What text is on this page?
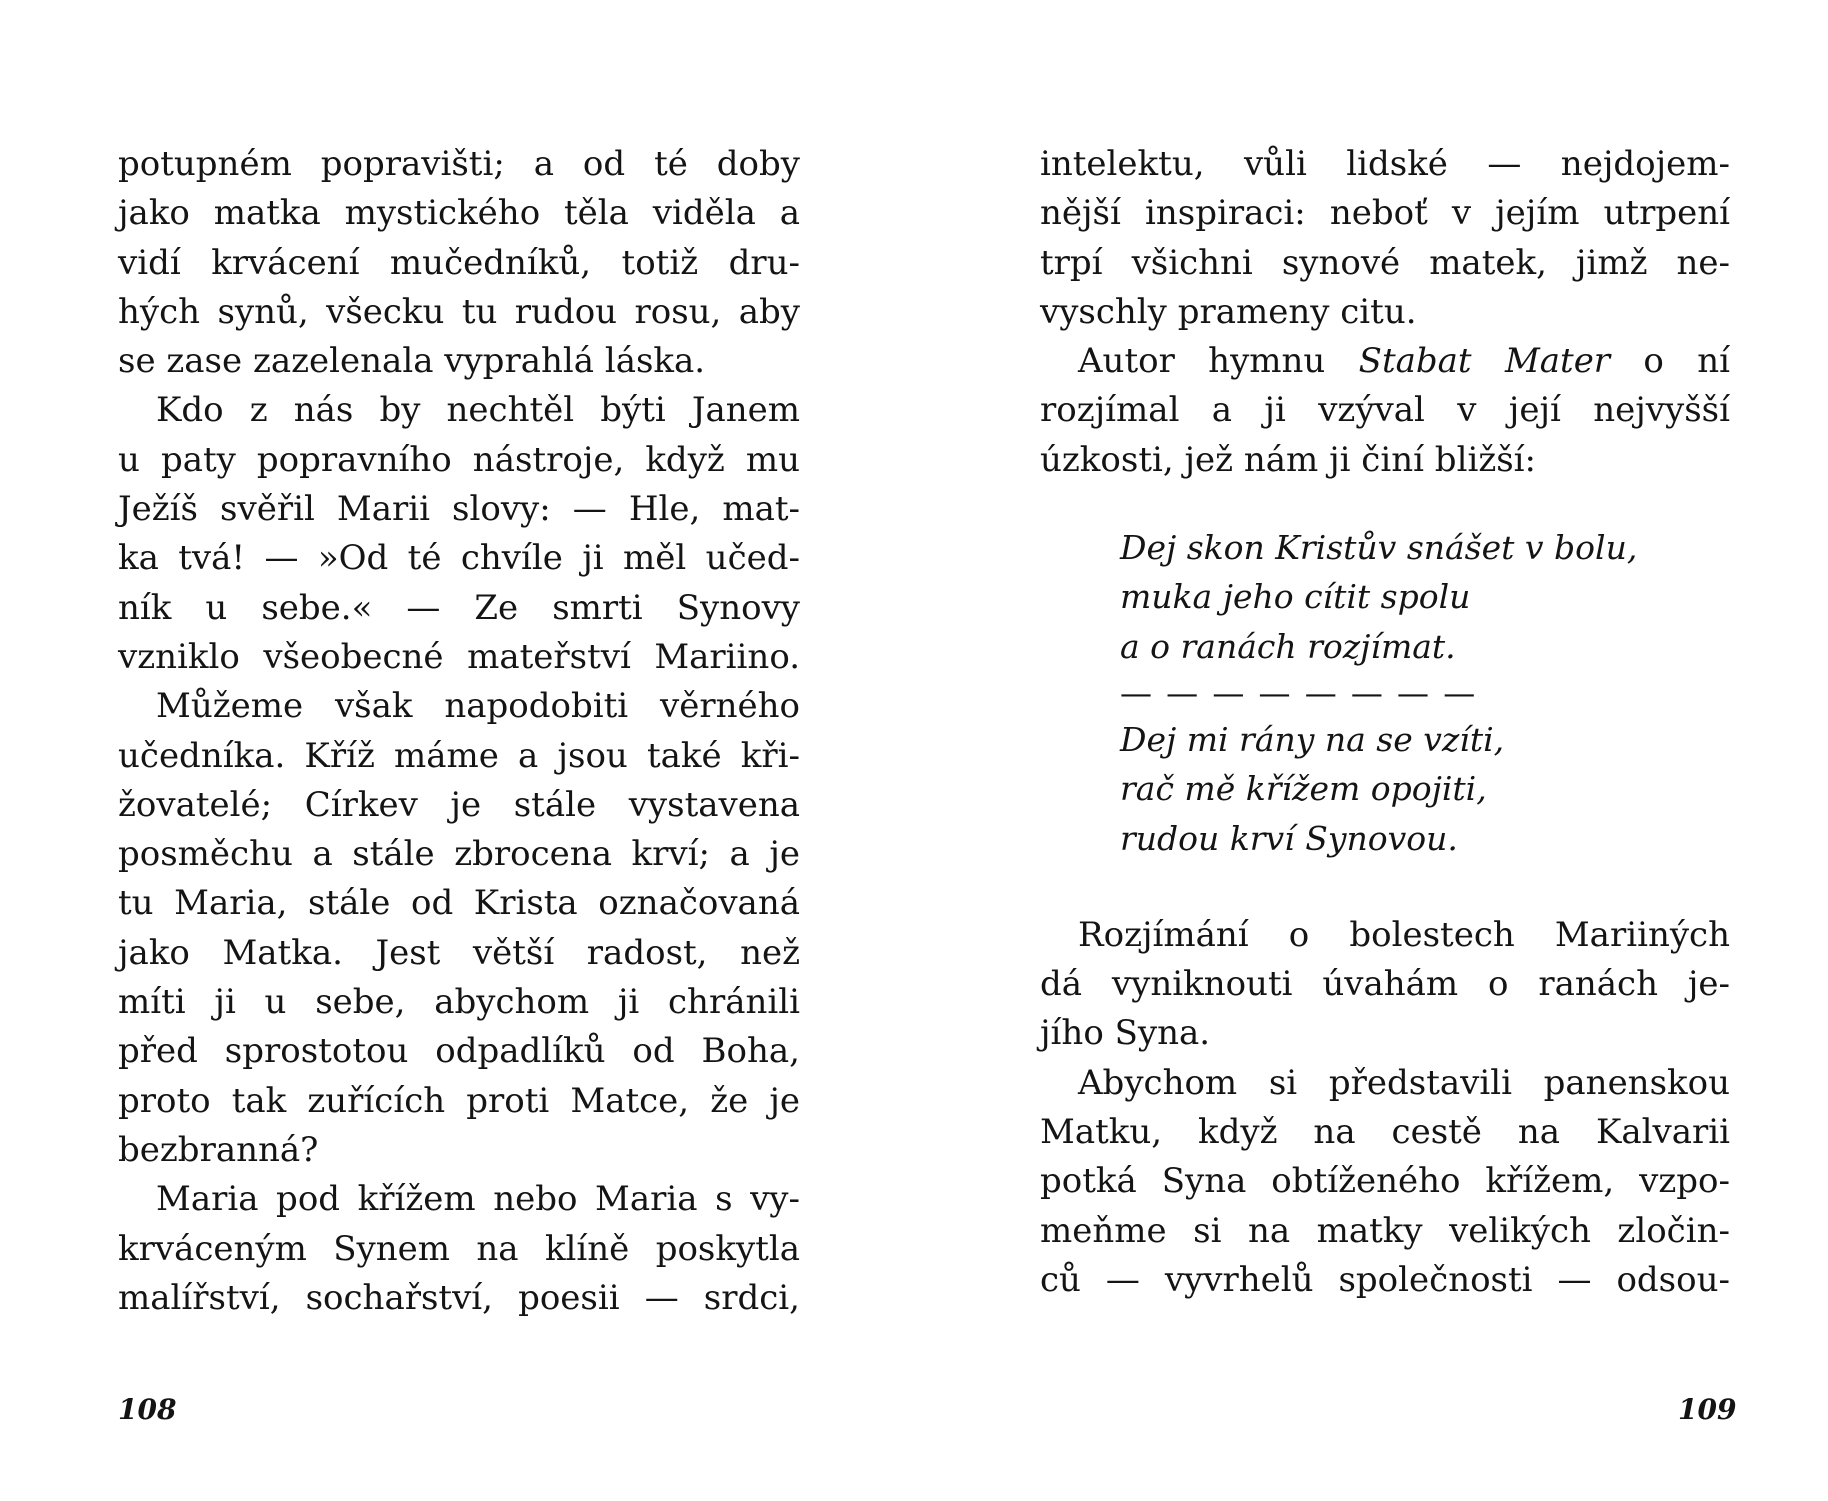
potupném popravišti; a od té doby
jako matka mystického těla viděla a
vidí krvácení mučedníků, totiž dru-
hých synů, všecku tu rudou rosu, aby
se zase zazelenala vyprahlá láska.
Kdo z nás by nechtěl býti Janem
u paty popravního nástroje, když mu
Ježíš svěřil Marii slovy: — Hle, mat-
ka tvá! — »Od té chvíle ji měl učed-
ník u sebe.« — Ze smrti Synovy
vzniklo všeobecné mateřství Mariino.
Můžeme však napodobiti věrného
učedníka. Kříž máme a jsou také kři-
žovatelé; Církev je stále vystavena
posměchu a stále zbrocena krví; a je
tu Maria, stále od Krista označovaná
jako Matka. Jest větší radost, než
míti ji u sebe, abychom ji chránili
před sprostotou odpadlíků od Boha,
proto tak zuřících proti Matce, že je
bezbranná?
Maria pod křížem nebo Maria s vy-
krváceným Synem na klíně poskytla
malířství, sochařství, poesii — srdci,
intelektu, vůli lidské — nejdojem-
nější inspiraci: neboť v jejím utrpení
trpí všichni synové matek, jimž ne-
vyschly prameny citu.
Autor hymnu Stabat Mater o ní
rozjímal a ji vzýval v její nejvyšší
úzkosti, jež nám ji činí bližší:
Dej skon Kristův snášet v bolu,
muka jeho cítit spolu
a o ranách rozjímat.
— — — — — — — —
Dej mi rány na se vzíti,
rač mě křížem opojiti,
rudou krví Synovou.
Rozjímání o bolestech Mariiných
dá vyniknouti úvahám o ranách je-
jího Syna.
Abychom si představili panenskou
Matku, když na cestě na Kalvarii
potká Syna obtíženého křížem, vzpo-
meňme si na matky velikých zločin-
ců — vyvrhelů společnosti — odsou-
108	109
